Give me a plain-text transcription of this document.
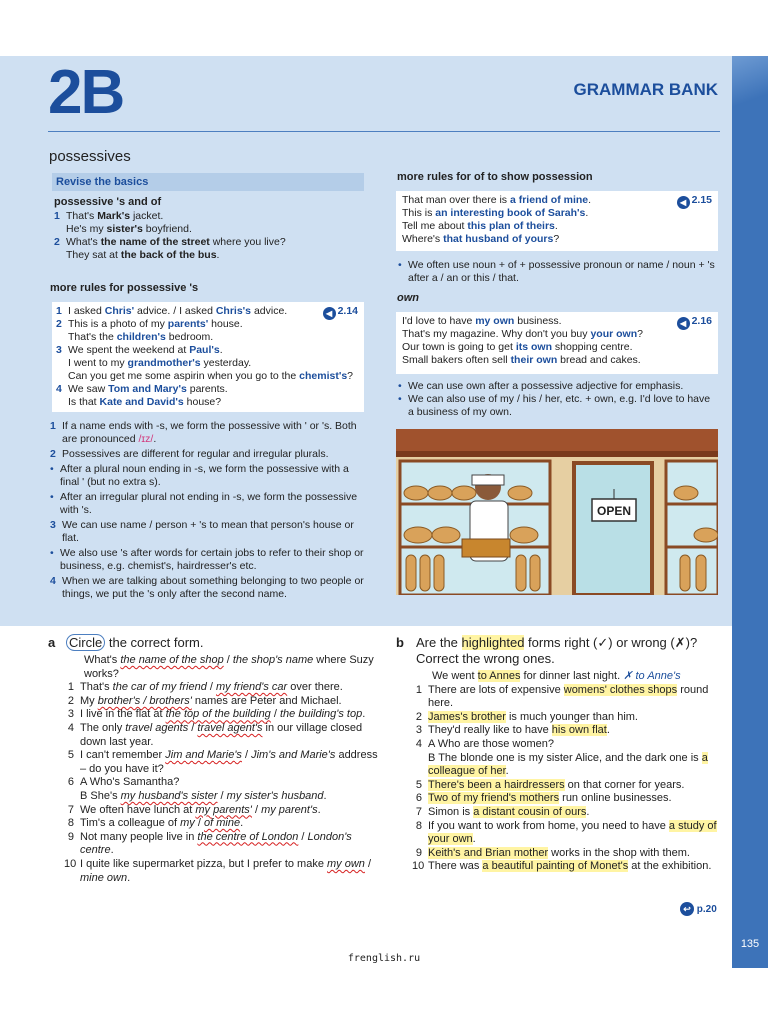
135
2B	GRAMMAR BANK
possessives
Revise the basics
possessive 's and of
1 That's Mark's jacket.
He's my sister's boyfriend.
2 What's the name of the street where you live?
They sat at the back of the bus.
more rules for possessive 's
◀ 2.14
1 I asked Chris' advice. / I asked Chris's advice.
2 This is a photo of my parents' house.
That's the children's bedroom.
3 We spent the weekend at Paul's.
I went to my grandmother's yesterday.
Can you get me some aspirin when you go to the chemist's?
4 We saw Tom and Mary's parents.
Is that Kate and David's house?
1 If a name ends with -s, we form the possessive with ' or 's. Both are pronounced /ɪz/.
2 Possessives are different for regular and irregular plurals.
• After a plural noun ending in -s, we form the possessive with a final ' (but no extra s).
• After an irregular plural not ending in -s, we form the possessive with 's.
3 We can use name / person + 's to mean that person's house or flat.
• We also use 's after words for certain jobs to refer to their shop or business, e.g. chemist's, hairdresser's etc.
4 When we are talking about something belonging to two people or things, we put the 's only after the second name.
more rules for of to show possession
◀ 2.15
That man over there is a friend of mine.
This is an interesting book of Sarah's.
Tell me about this plan of theirs.
Where's that husband of yours?
• We often use noun + of + possessive pronoun or name / noun + 's after a / an or this / that.
own
◀ 2.16
I'd love to have my own business.
That's my magazine. Why don't you buy your own?
Our town is going to get its own shopping centre.
Small bakers often sell their own bread and cakes.
• We can use own after a possessive adjective for emphasis.
• We can also use of my / his / her, etc. + own, e.g. I'd love to have a business of my own.
OPEN
a Circle the correct form.
What's the name of the shop / the shop's name where Suzy works?
1 That's the car of my friend / my friend's car over there.
2 My brother's / brothers' names are Peter and Michael.
3 I live in the flat at the top of the building / the building's top.
4 The only travel agents / travel agent's in our village closed down last year.
5 I can't remember Jim and Marie's / Jim's and Marie's address – do you have it?
6 A Who's Samantha?
B She's my husband's sister / my sister's husband.
7 We often have lunch at my parents' / my parent's.
8 Tim's a colleague of my / of mine.
9 Not many people live in the centre of London / London's centre.
10 I quite like supermarket pizza, but I prefer to make my own / mine own.
b Are the highlighted forms right (✓) or wrong (✗)? Correct the wrong ones.
We went to Annes for dinner last night. ✗ to Anne's
1 There are lots of expensive womens' clothes shops round here.
2 James's brother is much younger than him.
3 They'd really like to have his own flat.
4 A Who are those women?
B The blonde one is my sister Alice, and the dark one is a colleague of her.
5 There's been a hairdressers on that corner for years.
6 Two of my friend's mothers run online businesses.
7 Simon is a distant cousin of ours.
8 If you want to work from home, you need to have a study of your own.
9 Keith's and Brian mother works in the shop with them.
10 There was a beautiful painting of Monet's at the exhibition.
↩ p.20
frenglish.ru
